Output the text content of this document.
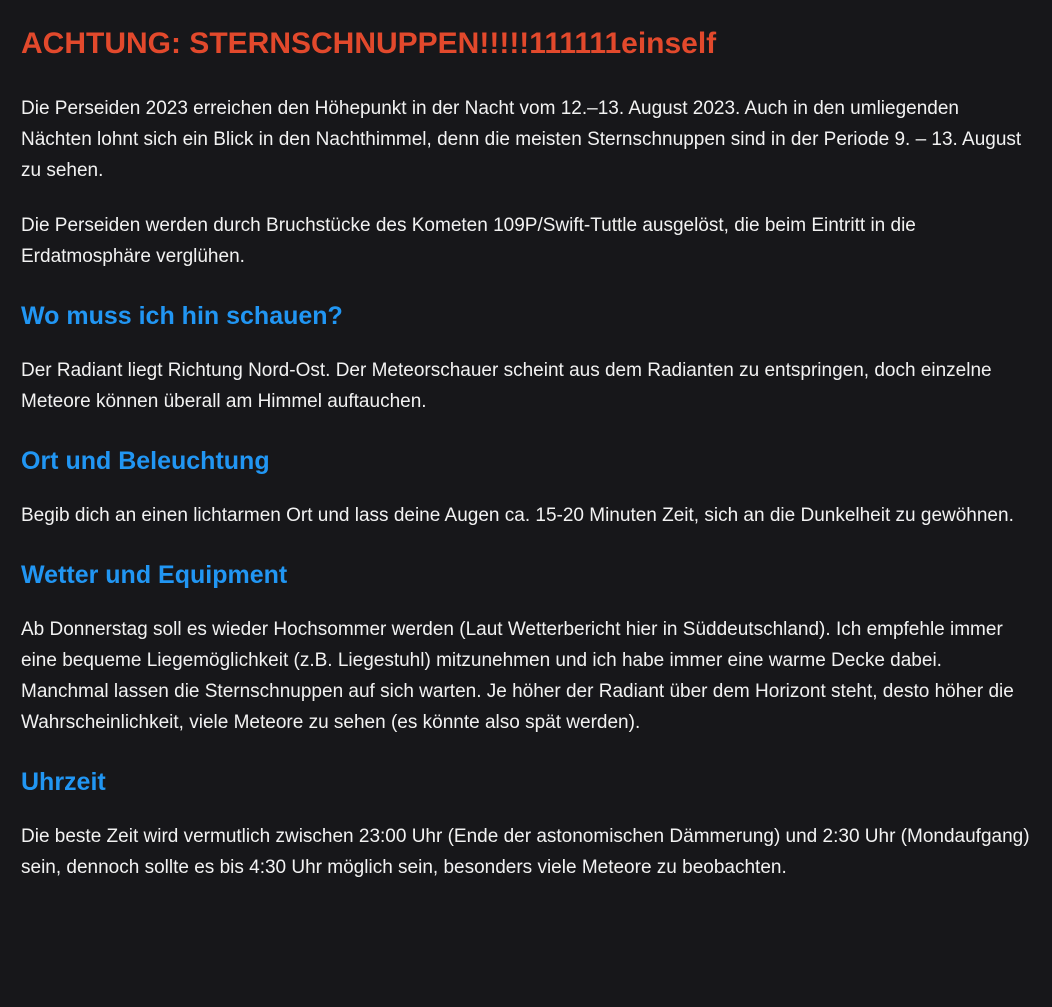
ACHTUNG: STERNSCHNUPPEN!!!!!111111einself

Die Perseiden 2023 erreichen den Höhepunkt in der Nacht vom 12.–13. August 2023. Auch in den umliegenden Nächten lohnt sich ein Blick in den Nachthimmel, denn die meisten Sternschnuppen sind in der Periode 9. – 13. August zu sehen.

Die Perseiden werden durch Bruchstücke des Kometen 109P/Swift-Tuttle ausgelöst, die beim Eintritt in die Erdatmosphäre verglühen.

Wo muss ich hin schauen?

Der Radiant liegt Richtung Nord-Ost. Der Meteorschauer scheint aus dem Radianten zu entspringen, doch einzelne Meteore können überall am Himmel auftauchen.

Ort und Beleuchtung

Begib dich an einen lichtarmen Ort und lass deine Augen ca. 15-20 Minuten Zeit, sich an die Dunkelheit zu gewöhnen.

Wetter und Equipment

Ab Donnerstag soll es wieder Hochsommer werden (Laut Wetterbericht hier in Süddeutschland). Ich empfehle immer eine bequeme Liegemöglichkeit (z.B. Liegestuhl) mitzunehmen und ich habe immer eine warme Decke dabei. Manchmal lassen die Sternschnuppen auf sich warten. Je höher der Radiant über dem Horizont steht, desto höher die Wahrscheinlichkeit, viele Meteore zu sehen (es könnte also spät werden).

Uhrzeit

Die beste Zeit wird vermutlich zwischen 23:00 Uhr (Ende der astonomischen Dämmerung) und 2:30 Uhr (Mondaufgang) sein, dennoch sollte es bis 4:30 Uhr möglich sein, besonders viele Meteore zu beobachten.
